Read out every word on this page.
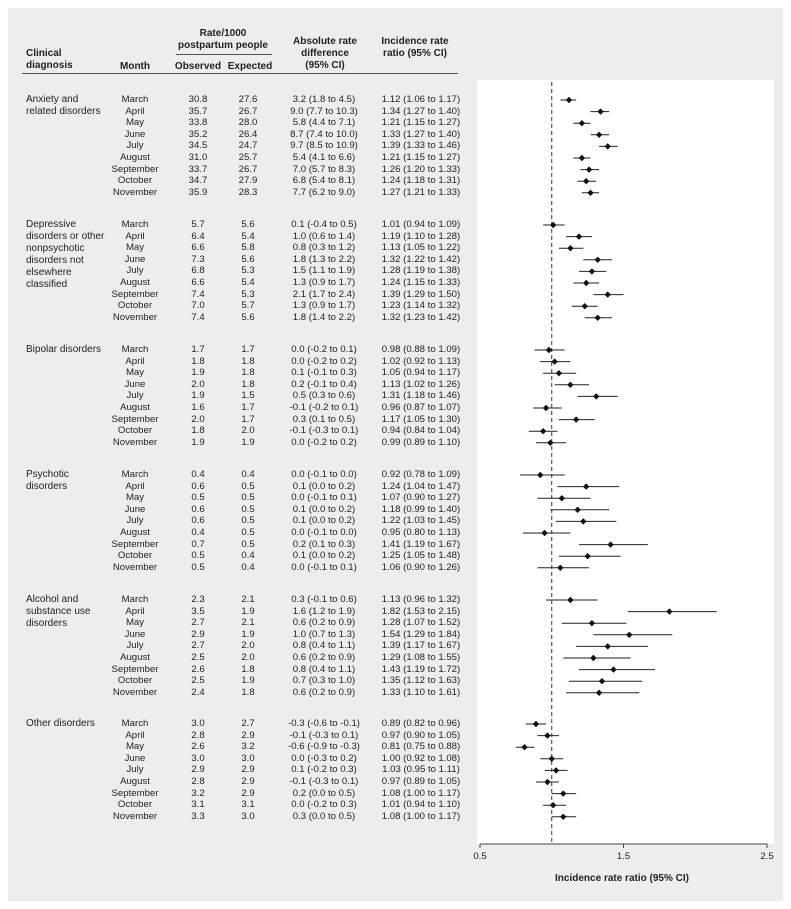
Clinical diagnosis	Month
Rate/1000 postpartum people
Observed Expected
Absolute rate difference (95% CI)
Incidence rate ratio (95% CI)
Anxiety and related disorders
March	30.8	27.6	3.2 (1.8 to 4.5)	1.12 (1.06 to 1.17)
April	35.7	26.7	9.0 (7.7 to 10.3)	1.34 (1.27 to 1.40)
May	33.8	28.0	5.8 (4.4 to 7.1)	1.21 (1.15 to 1.27)
June	35.2	26.4	8.7 (7.4 to 10.0)	1.33 (1.27 to 1.40)
July	34.5	24.7	9.7 (8.5 to 10.9)	1.39 (1.33 to 1.46)
August	31.0	25.7	5.4 (4.1 to 6.6)	1.21 (1.15 to 1.27)
September	33.7	26.7	7.0 (5.7 to 8.3)	1.26 (1.20 to 1.33)
October	34.7	27.9	6.8 (5.4 to 8.1)	1.24 (1.18 to 1.31)
November	35.9	28.3	7.7 (6.2 to 9.0)	1.27 (1.21 to 1.33)
Depressive disorders or other nonpsychotic disorders not elsewhere classified
March	5.7	5.6	0.1 (-0.4 to 0.5)	1.01 (0.94 to 1.09)
April	6.4	5.4	1.0 (0.6 to 1.4)	1.19 (1.10 to 1.28)
May	6.6	5.8	0.8 (0.3 to 1.2)	1.13 (1.05 to 1.22)
June	7.3	5.6	1.8 (1.3 to 2.2)	1.32 (1.22 to 1.42)
July	6.8	5.3	1.5 (1.1 to 1.9)	1.28 (1.19 to 1.38)
August	6.6	5.4	1.3 (0.9 to 1.7)	1.24 (1.15 to 1.33)
September	7.4	5.3	2.1 (1.7 to 2.4)	1.39 (1.29 to 1.50)
October	7.0	5.7	1.3 (0.9 to 1.7)	1.23 (1.14 to 1.32)
November	7.4	5.6	1.8 (1.4 to 2.2)	1.32 (1.23 to 1.42)
Bipolar disorders	March	1.7	1.7	0.0 (-0.2 to 0.1)	0.98 (0.88 to 1.09)
April	1.8	1.8	0.0 (-0.2 to 0.2)	1.02 (0.92 to 1.13)
May	1.9	1.8	0.1 (-0.1 to 0.3)	1.05 (0.94 to 1.17)
June	2.0	1.8	0.2 (-0.1 to 0.4)	1.13 (1.02 to 1.26)
July	1.9	1.5	0.5 (0.3 to 0.6)	1.31 (1.18 to 1.46)
August	1.6	1.7	-0.1 (-0.2 to 0.1)	0.96 (0.87 to 1.07)
September	2.0	1.7	0.3 (0.1 to 0.5)	1.17 (1.05 to 1.30)
October	1.8	2.0	-0.1 (-0.3 to 0.1)	0.94 (0.84 to 1.04)
November	1.9	1.9	0.0 (-0.2 to 0.2)	0.99 (0.89 to 1.10)
Psychotic disorders
March	0.4	0.4	0.0 (-0.1 to 0.0)	0.92 (0.78 to 1.09)
April	0.6	0.5	0.1 (0.0 to 0.2)	1.24 (1.04 to 1.47)
May	0.5	0.5	0.0 (-0.1 to 0.1)	1.07 (0.90 to 1.27)
June	0.6	0.5	0.1 (0.0 to 0.2)	1.18 (0.99 to 1.40)
July	0.6	0.5	0.1 (0.0 to 0.2)	1.22 (1.03 to 1.45)
August	0.4	0.5	0.0 (-0.1 to 0.0)	0.95 (0.80 to 1.13)
September	0.7	0.5	0.2 (0.1 to 0.3)	1.41 (1.19 to 1.67)
October	0.5	0.4	0.1 (0.0 to 0.2)	1.25 (1.05 to 1.48)
November	0.5	0.4	0.0 (-0.1 to 0.1)	1.06 (0.90 to 1.26)
Alcohol and substance use disorders
March	2.3	2.1	0.3 (-0.1 to 0.6)	1.13 (0.96 to 1.32)
April	3.5	1.9	1.6 (1.2 to 1.9)	1.82 (1.53 to 2.15)
May	2.7	2.1	0.6 (0.2 to 0.9)	1.28 (1.07 to 1.52)
June	2.9	1.9	1.0 (0.7 to 1.3)	1.54 (1.29 to 1.84)
July	2.7	2.0	0.8 (0.4 to 1.1)	1.39 (1.17 to 1.67)
August	2.5	2.0	0.6 (0.2 to 0.9)	1.29 (1.08 to 1.55)
September	2.6	1.8	0.8 (0.4 to 1.1)	1.43 (1.19 to 1.72)
October	2.5	1.9	0.7 (0.3 to 1.0)	1.35 (1.12 to 1.63)
November	2.4	1.8	0.6 (0.2 to 0.9)	1.33 (1.10 to 1.61)
Other disorders	March	3.0	2.7	-0.3 (-0.6 to -0.1)	0.89 (0.82 to 0.96)
April	2.8	2.9	-0.1 (-0.3 to 0.1)	0.97 (0.90 to 1.05)
May	2.6	3.2	-0.6 (-0.9 to -0.3)	0.81 (0.75 to 0.88)
June	3.0	3.0	0.0 (-0.3 to 0.2)	1.00 (0.92 to 1.08)
July	2.9	2.9	0.1 (-0.2 to 0.3)	1.03 (0.95 to 1.11)
August	2.8	2.9	-0.1 (-0.3 to 0.1)	0.97 (0.89 to 1.05)
September	3.2	2.9	0.2 (0.0 to 0.5)	1.08 (1.00 to 1.17)
October	3.1	3.1	0.0 (-0.2 to 0.3)	1.01 (0.94 to 1.10)
November	3.3	3.0	0.3 (0.0 to 0.5)	1.08 (1.00 to 1.17)
0.5	1.5	2.5
Incidence rate ratio (95% CI)
